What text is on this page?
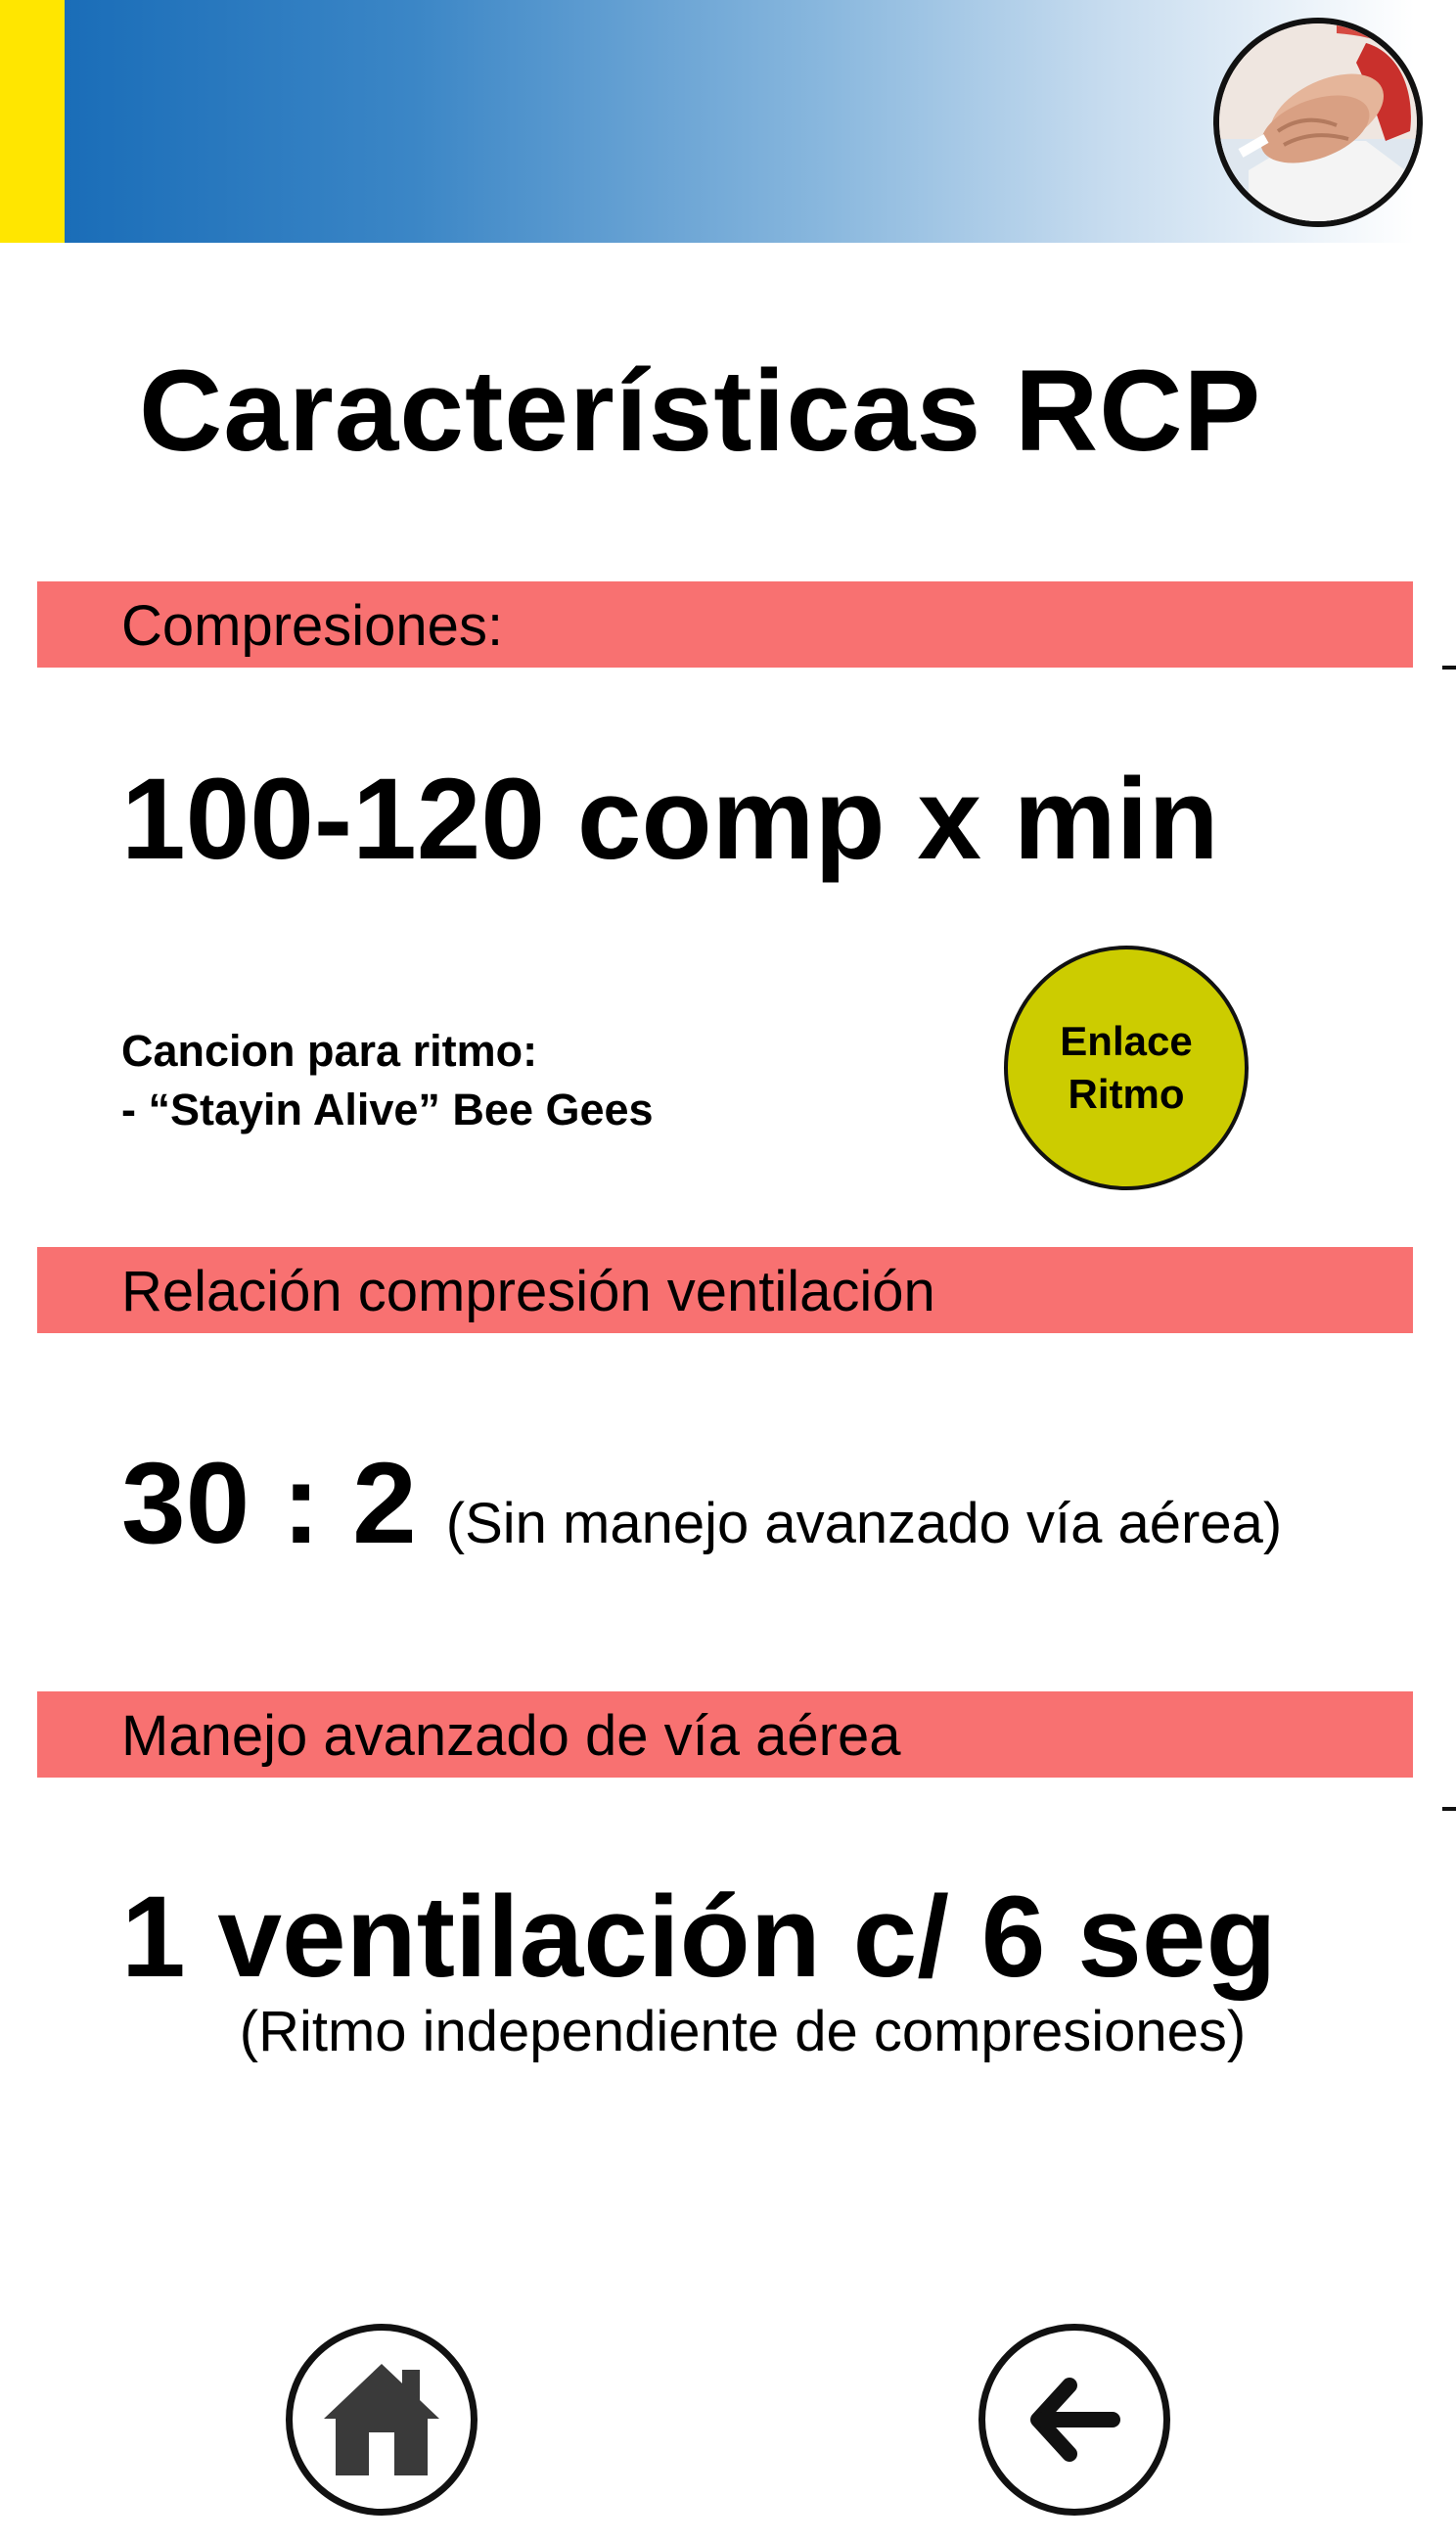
Características RCP
Compresiones:
100-120 comp x min
Cancion para ritmo:
- “Stayin Alive” Bee Gees
Enlace
Ritmo
Relación compresión ventilación
30 : 2 (Sin manejo avanzado vía aérea)
Manejo avanzado de vía aérea
1 ventilación c/ 6 seg
(Ritmo independiente de compresiones)
